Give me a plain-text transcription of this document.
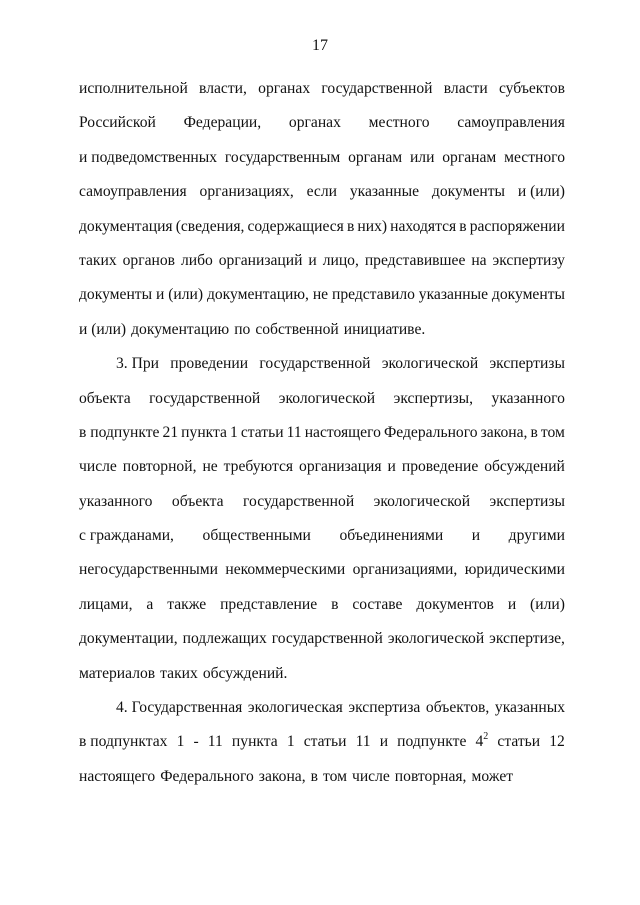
17
исполнительной власти, органах государственной власти субъектов
Российской Федерации, органах местного самоуправления
и подведомственных государственным органам или органам местного
самоуправления организациях, если указанные документы и (или)
документация (сведения, содержащиеся в них) находятся в распоряжении
таких органов либо организаций и лицо, представившее на экспертизу
документы и (или) документацию, не представило указанные документы
и (или) документацию по собственной инициативе.
3. При проведении государственной экологической экспертизы
объекта государственной экологической экспертизы, указанного
в подпункте 21 пункта 1 статьи 11 настоящего Федерального закона, в том
числе повторной, не требуются организация и проведение обсуждений
указанного объекта государственной экологической экспертизы
с гражданами, общественными объединениями и другими
негосударственными некоммерческими организациями, юридическими
лицами, а также представление в составе документов и (или)
документации, подлежащих государственной экологической экспертизе,
материалов таких обсуждений.
4. Государственная экологическая экспертиза объектов, указанных
в подпунктах 1 - 11 пункта 1 статьи 11 и подпункте $4^2$ статьи 12
настоящего Федерального закона, в том числе повторная, может
